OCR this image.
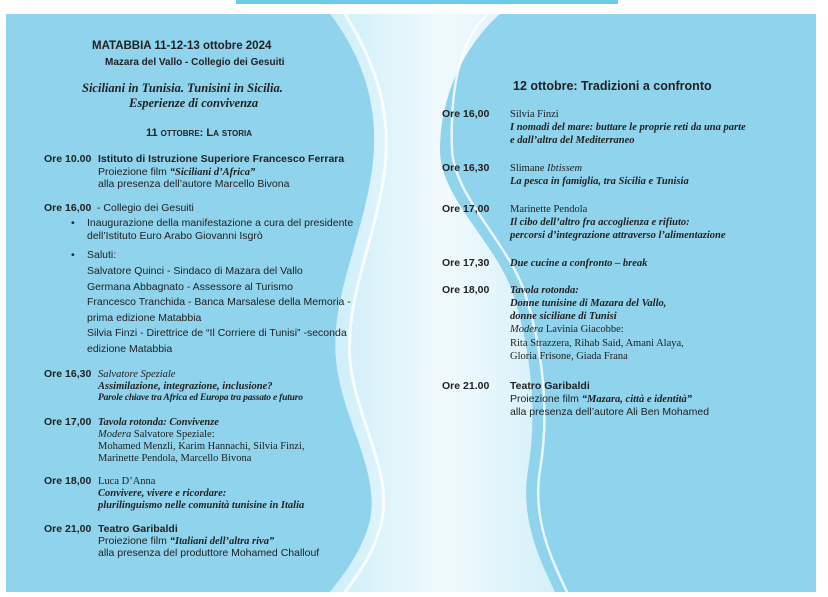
MATABBIA 11-12-13 ottobre 2024
Mazara del Vallo - Collegio dei Gesuiti
Siciliani in Tunisia. Tunisini in Sicilia.
Esperienze di convivenza
11 ottobre: La storia
Ore 10.00 Istituto di Istruzione Superiore Francesco Ferrara
Proiezione film “Siciliani d’Africa”
alla presenza dell’autore Marcello Bivona
Ore 16,00 - Collegio dei Gesuiti
•	Inaugurazione della manifestazione a cura del presidente
dell’Istituto Euro Arabo Giovanni Isgrò
•	Saluti:
Salvatore Quinci - Sindaco di Mazara del Vallo
Germana Abbagnato - Assessore al Turismo
Francesco Tranchida - Banca Marsalese della Memoria -
prima edizione Matabbia
Silvia Finzi - Direttrice de “Il Corriere di Tunisi” -seconda
edizione Matabbia
Ore 16,30 Salvatore Speziale
Assimilazione, integrazione, inclusione?
Parole chiave tra Africa ed Europa tra passato e futuro
Ore 17,00 Tavola rotonda: Convivenze
Modera Salvatore Speziale:
Mohamed Menzli, Karim Hannachi, Silvia Finzi,
Marinette Pendola, Marcello Bivona
Ore 18,00 Luca D’Anna
Convivere, vivere e ricordare:
plurilinguismo nelle comunità tunisine in Italia
Ore 21,00 Teatro Garibaldi
Proiezione film “Italiani dell’altra riva”
alla presenza del produttore Mohamed Challouf
12 ottobre: Tradizioni a confronto
Ore 16,00 Silvia Finzi
I nomadi del mare: buttare le proprie reti da una parte
e dall’altra del Mediterraneo
Ore 16,30 Slimane Ibtissem
La pesca in famiglia, tra Sicilia e Tunisia
Ore 17,00 Marinette Pendola
Il cibo dell’altro fra accoglienza e rifiuto:
percorsi d’integrazione attraverso l’alimentazione
Ore 17,30 Due cucine a confronto – break
Ore 18,00 Tavola rotonda:
Donne tunisine di Mazara del Vallo,
donne siciliane di Tunisi
Modera Lavinia Giacobbe:
Rita Strazzera, Rihab Said, Amani Alaya,
Gloria Frisone, Giada Frana
Ore 21.00 Teatro Garibaldi
Proiezione film “Mazara, città e identità”
alla presenza dell’autore Ali Ben Mohamed
